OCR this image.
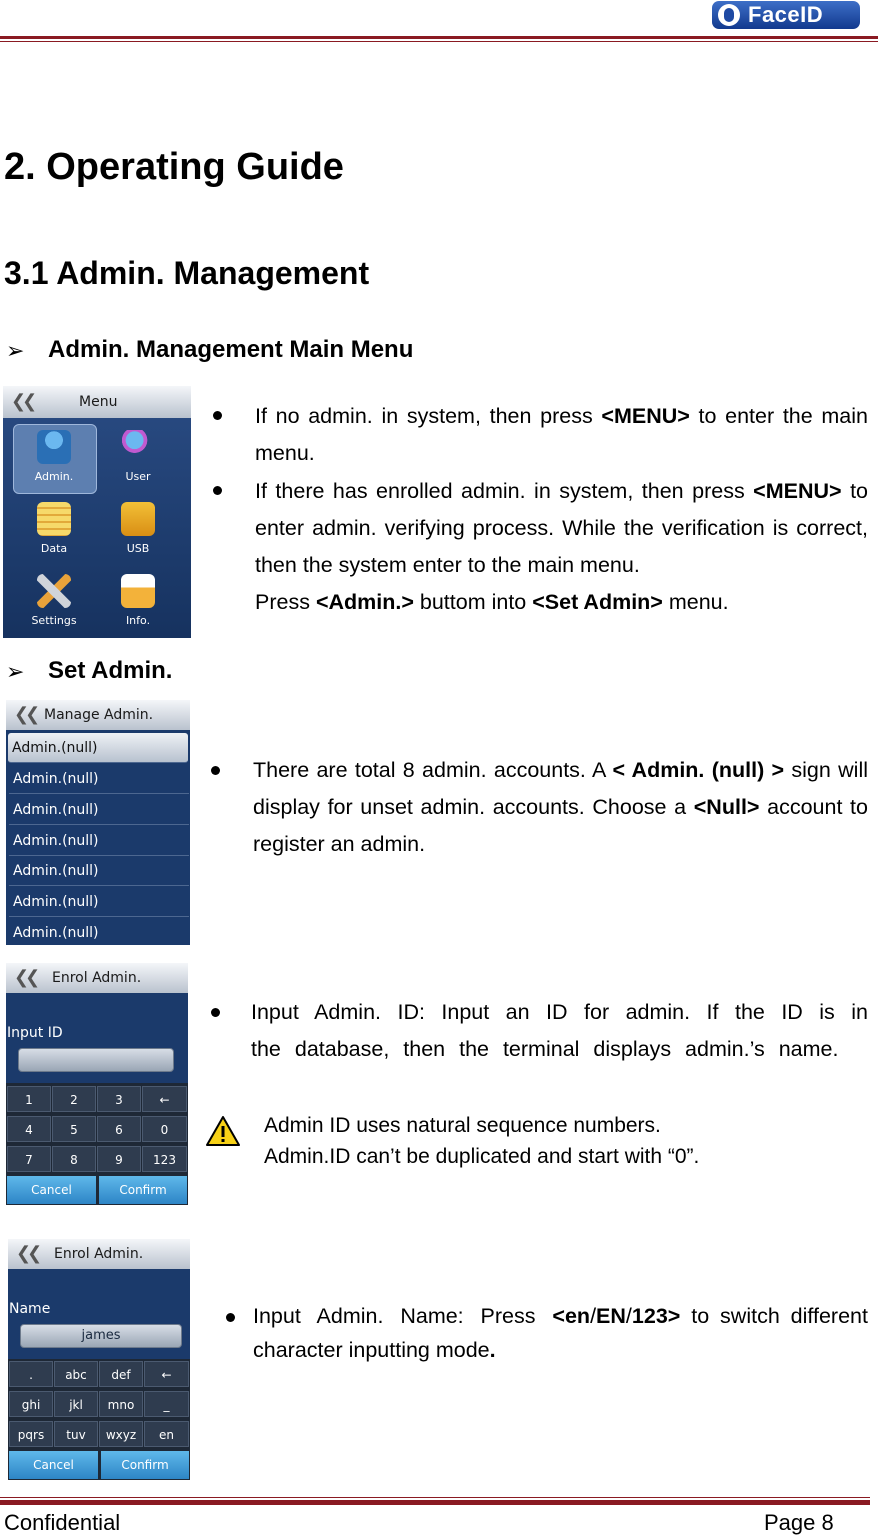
FaceID
2. Operating Guide
3.1 Admin. Management
➢ Admin. Management Main Menu
❮❮	Menu
Admin.	User
Data	USB
Settings	Info.
If no admin. in system, then press <MENU> to enter the main menu.
If there has enrolled admin. in system, then press <MENU> to enter admin. verifying process. While the verification is correct, then the system enter to the main menu.
Press <Admin.> buttom into <Set Admin> menu.
➢ Set Admin.
❮❮ Manage Admin.
Admin.(null)
Admin.(null)
Admin.(null)
Admin.(null)
Admin.(null)
Admin.(null)
Admin.(null)
There are total 8 admin. accounts. A < Admin. (null) > sign will display for unset admin. accounts. Choose a <Null> account to register an admin.
❮❮ Enrol Admin.
Input ID
1	2	3	←
4	5	6	0
7	8	9	123
Cancel	Confirm
Input Admin. ID: Input an ID for admin. If the ID is in the database, then the terminal displays admin.’s name.
Admin ID uses natural sequence numbers.
Admin.ID can’t be duplicated and start with “0”.
❮❮ Enrol Admin.
Name
james
.	abc	def	←
ghi	jkl	mno	_
pqrs	tuv	wxyz	en
Cancel	Confirm
Input Admin. Name: Press <en/EN/123> to switch different character inputting mode.
Confidential	Page 8
